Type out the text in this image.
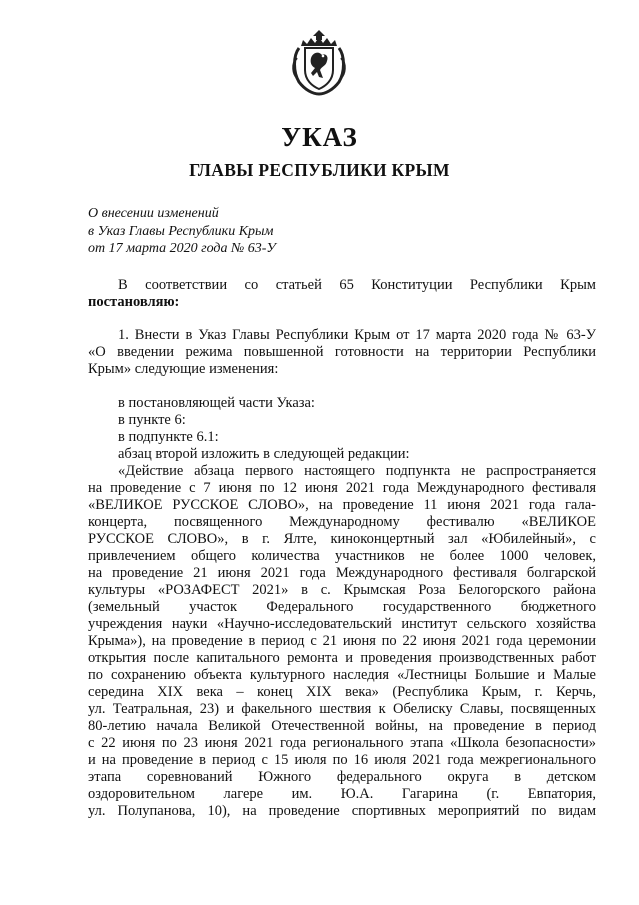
УКАЗ
ГЛАВЫ РЕСПУБЛИКИ КРЫМ
О внесении изменений
в Указ Главы Республики Крым
от 17 марта 2020 года № 63-У
В соответствии со статьей 65 Конституции Республики Крым
постановляю:
1. Внести в Указ Главы Республики Крым от 17 марта 2020 года № 63-У
«О введении режима повышенной готовности на территории Республики
Крым» следующие изменения:
в постановляющей части Указа:
в пункте 6:
в подпункте 6.1:
абзац второй изложить в следующей редакции:
«Действие абзаца первого настоящего подпункта не распространяется
на проведение с 7 июня по 12 июня 2021 года Международного фестиваля
«ВЕЛИКОЕ РУССКОЕ СЛОВО», на проведение 11 июня 2021 года гала-
концерта, посвященного Международному фестивалю «ВЕЛИКОЕ
РУССКОЕ СЛОВО», в г. Ялте, киноконцертный зал «Юбилейный», с
привлечением общего количества участников не более 1000 человек,
на проведение 21 июня 2021 года Международного фестиваля болгарской
культуры «РОЗАФЕСТ 2021» в с. Крымская Роза Белогорского района
(земельный участок Федерального государственного бюджетного
учреждения науки «Научно-исследовательский институт сельского хозяйства
Крыма»), на проведение в период с 21 июня по 22 июня 2021 года церемонии
открытия после капитального ремонта и проведения производственных работ
по сохранению объекта культурного наследия «Лестницы Большие и Малые
середина XIX века – конец XIX века» (Республика Крым, г. Керчь,
ул. Театральная, 23) и факельного шествия к Обелиску Славы, посвященных
80-летию начала Великой Отечественной войны, на проведение в период
с 22 июня по 23 июня 2021 года регионального этапа «Школа безопасности»
и на проведение в период с 15 июля по 16 июля 2021 года межрегионального
этапа соревнований Южного федерального округа в детском
оздоровительном лагере им. Ю.А. Гагарина (г. Евпатория,
ул. Полупанова, 10), на проведение спортивных мероприятий по видам
